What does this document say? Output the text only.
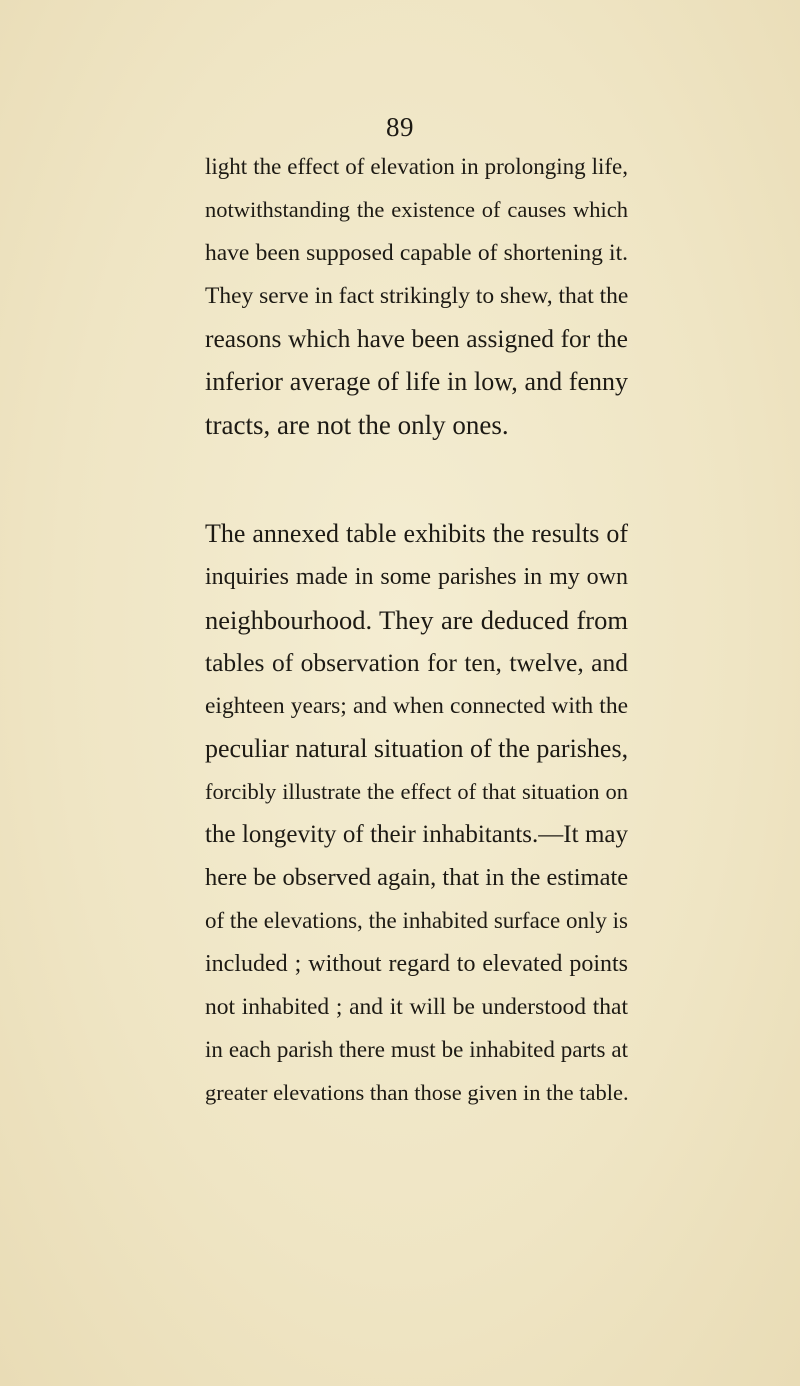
89
light the effect of elevation in prolonging life,
notwithstanding the existence of causes which
have been supposed capable of shortening it.
They serve in fact strikingly to shew, that the
reasons which have been assigned for the
inferior average of life in low, and fenny
tracts, are not the only ones.
The annexed table exhibits the results of
inquiries made in some parishes in my own
neighbourhood. They are deduced from
tables of observation for ten, twelve, and
eighteen years; and when connected with the
peculiar natural situation of the parishes,
forcibly illustrate the effect of that situation on
the longevity of their inhabitants.—It may
here be observed again, that in the estimate
of the elevations, the inhabited surface only is
included ; without regard to elevated points
not inhabited ; and it will be understood that
in each parish there must be inhabited parts at
greater elevations than those given in the table.
